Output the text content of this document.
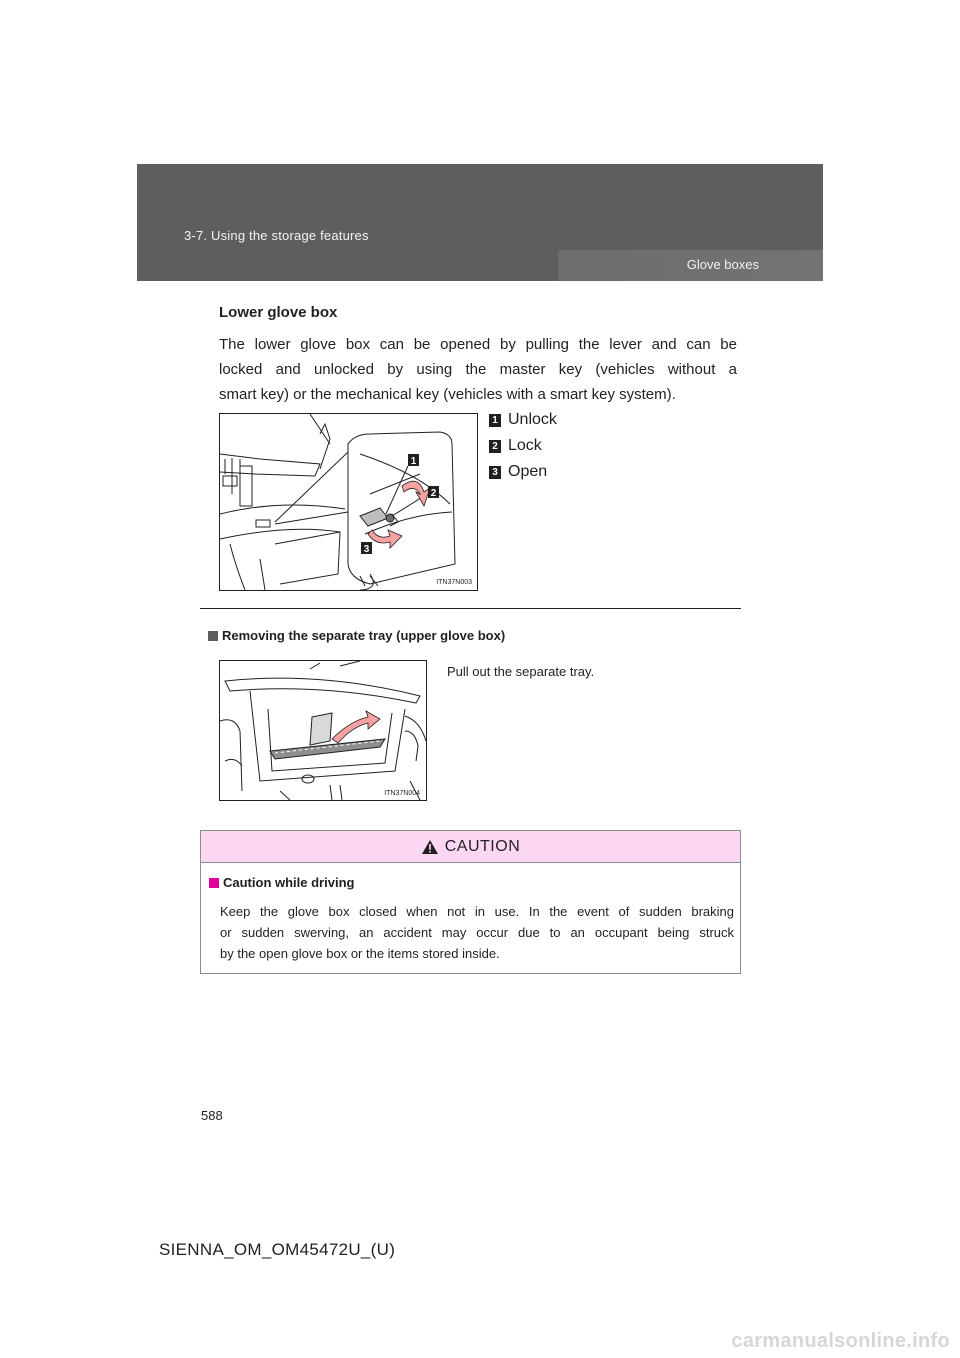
3-7. Using the storage features
Glove boxes
Lower glove box
The lower glove box can be opened by pulling the lever and can be
locked and unlocked by using the master key (vehicles without a
smart key) or the mechanical key (vehicles with a smart key system).
1
2
3
ITN37N003
1 Unlock
2 Lock
3 Open
Removing the separate tray (upper glove box)
Pull out the separate tray.
ITN37N004
CAUTION
Caution while driving
Keep the glove box closed when not in use. In the event of sudden braking
or sudden swerving, an accident may occur due to an occupant being struck
by the open glove box or the items stored inside.
588
SIENNA_OM_OM45472U_(U)
carmanualsonline.info
